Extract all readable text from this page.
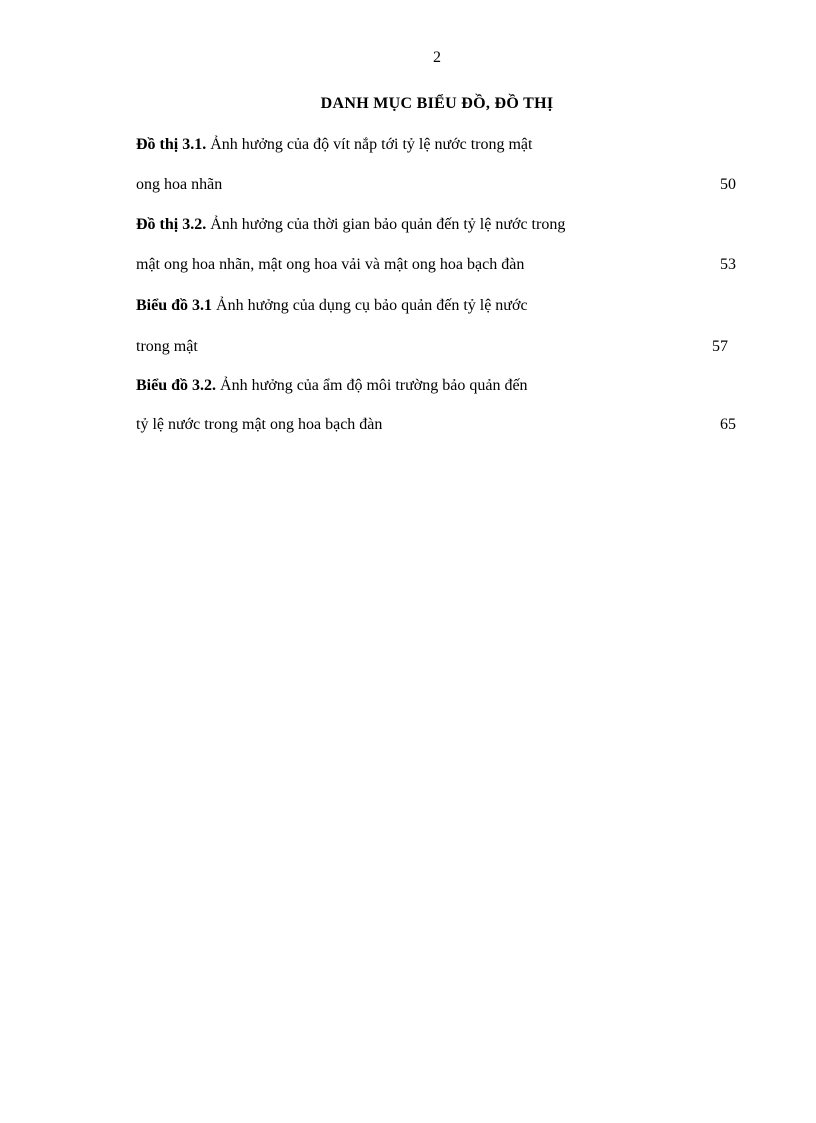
2
DANH MỤC BIỂU ĐỒ, ĐỒ THỊ
Đồ thị 3.1. Ảnh hưởng của độ vít nắp tới tỷ lệ nước trong mật
ong hoa nhãn	50
Đồ thị 3.2. Ảnh hưởng của thời gian bảo quản đến tỷ lệ nước trong
mật ong hoa nhãn, mật ong hoa vải và mật ong hoa bạch đàn	53
Biểu đồ 3.1 Ảnh hưởng của dụng cụ bảo quản đến tỷ lệ nước
trong mật	57
Biểu đồ 3.2. Ảnh hưởng của ẩm độ môi trường bảo quản đến
tỷ lệ nước trong mật ong hoa bạch đàn	65
